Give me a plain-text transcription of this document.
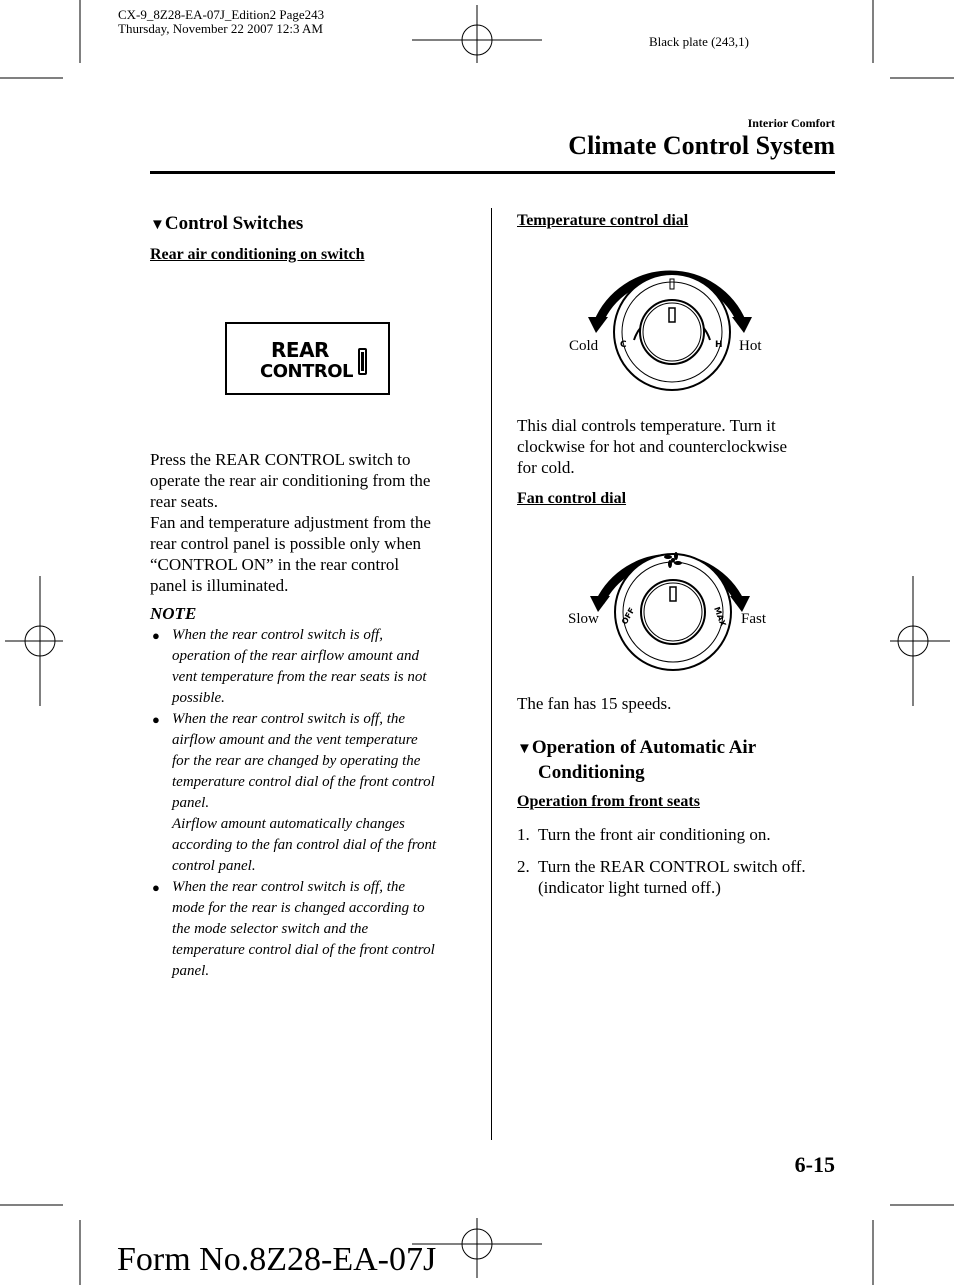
CX-9_8Z28-EA-07J_Edition2 Page243
Thursday, November 22 2007 12:3 AM
Black plate (243,1)
Interior Comfort
Climate Control System
▼Control Switches
Rear air conditioning on switch
REAR
CONTROL
Press the REAR CONTROL switch to
operate the rear air conditioning from the
rear seats.
Fan and temperature adjustment from the
rear control panel is possible only when
“CONTROL ON” in the rear control
panel is illuminated.
NOTE
● When the rear control switch is off,
operation of the rear airflow amount and
vent temperature from the rear seats is not
possible.
● When the rear control switch is off, the
airflow amount and the vent temperature
for the rear are changed by operating the
temperature control dial of the front control
panel.
Airflow amount automatically changes
according to the fan control dial of the front
control panel.
● When the rear control switch is off, the
mode for the rear is changed according to
the mode selector switch and the
temperature control dial of the front control
panel.
Temperature control dial
C	H
Cold	Hot
This dial controls temperature. Turn it
clockwise for hot and counterclockwise
for cold.
Fan control dial
OFF	MAX
Slow	Fast
The fan has 15 speeds.
▼Operation of Automatic Air
Conditioning
Operation from front seats
1. Turn the front air conditioning on.
2. Turn the REAR CONTROL switch off.
(indicator light turned off.)
6-15
Form No.8Z28-EA-07J
